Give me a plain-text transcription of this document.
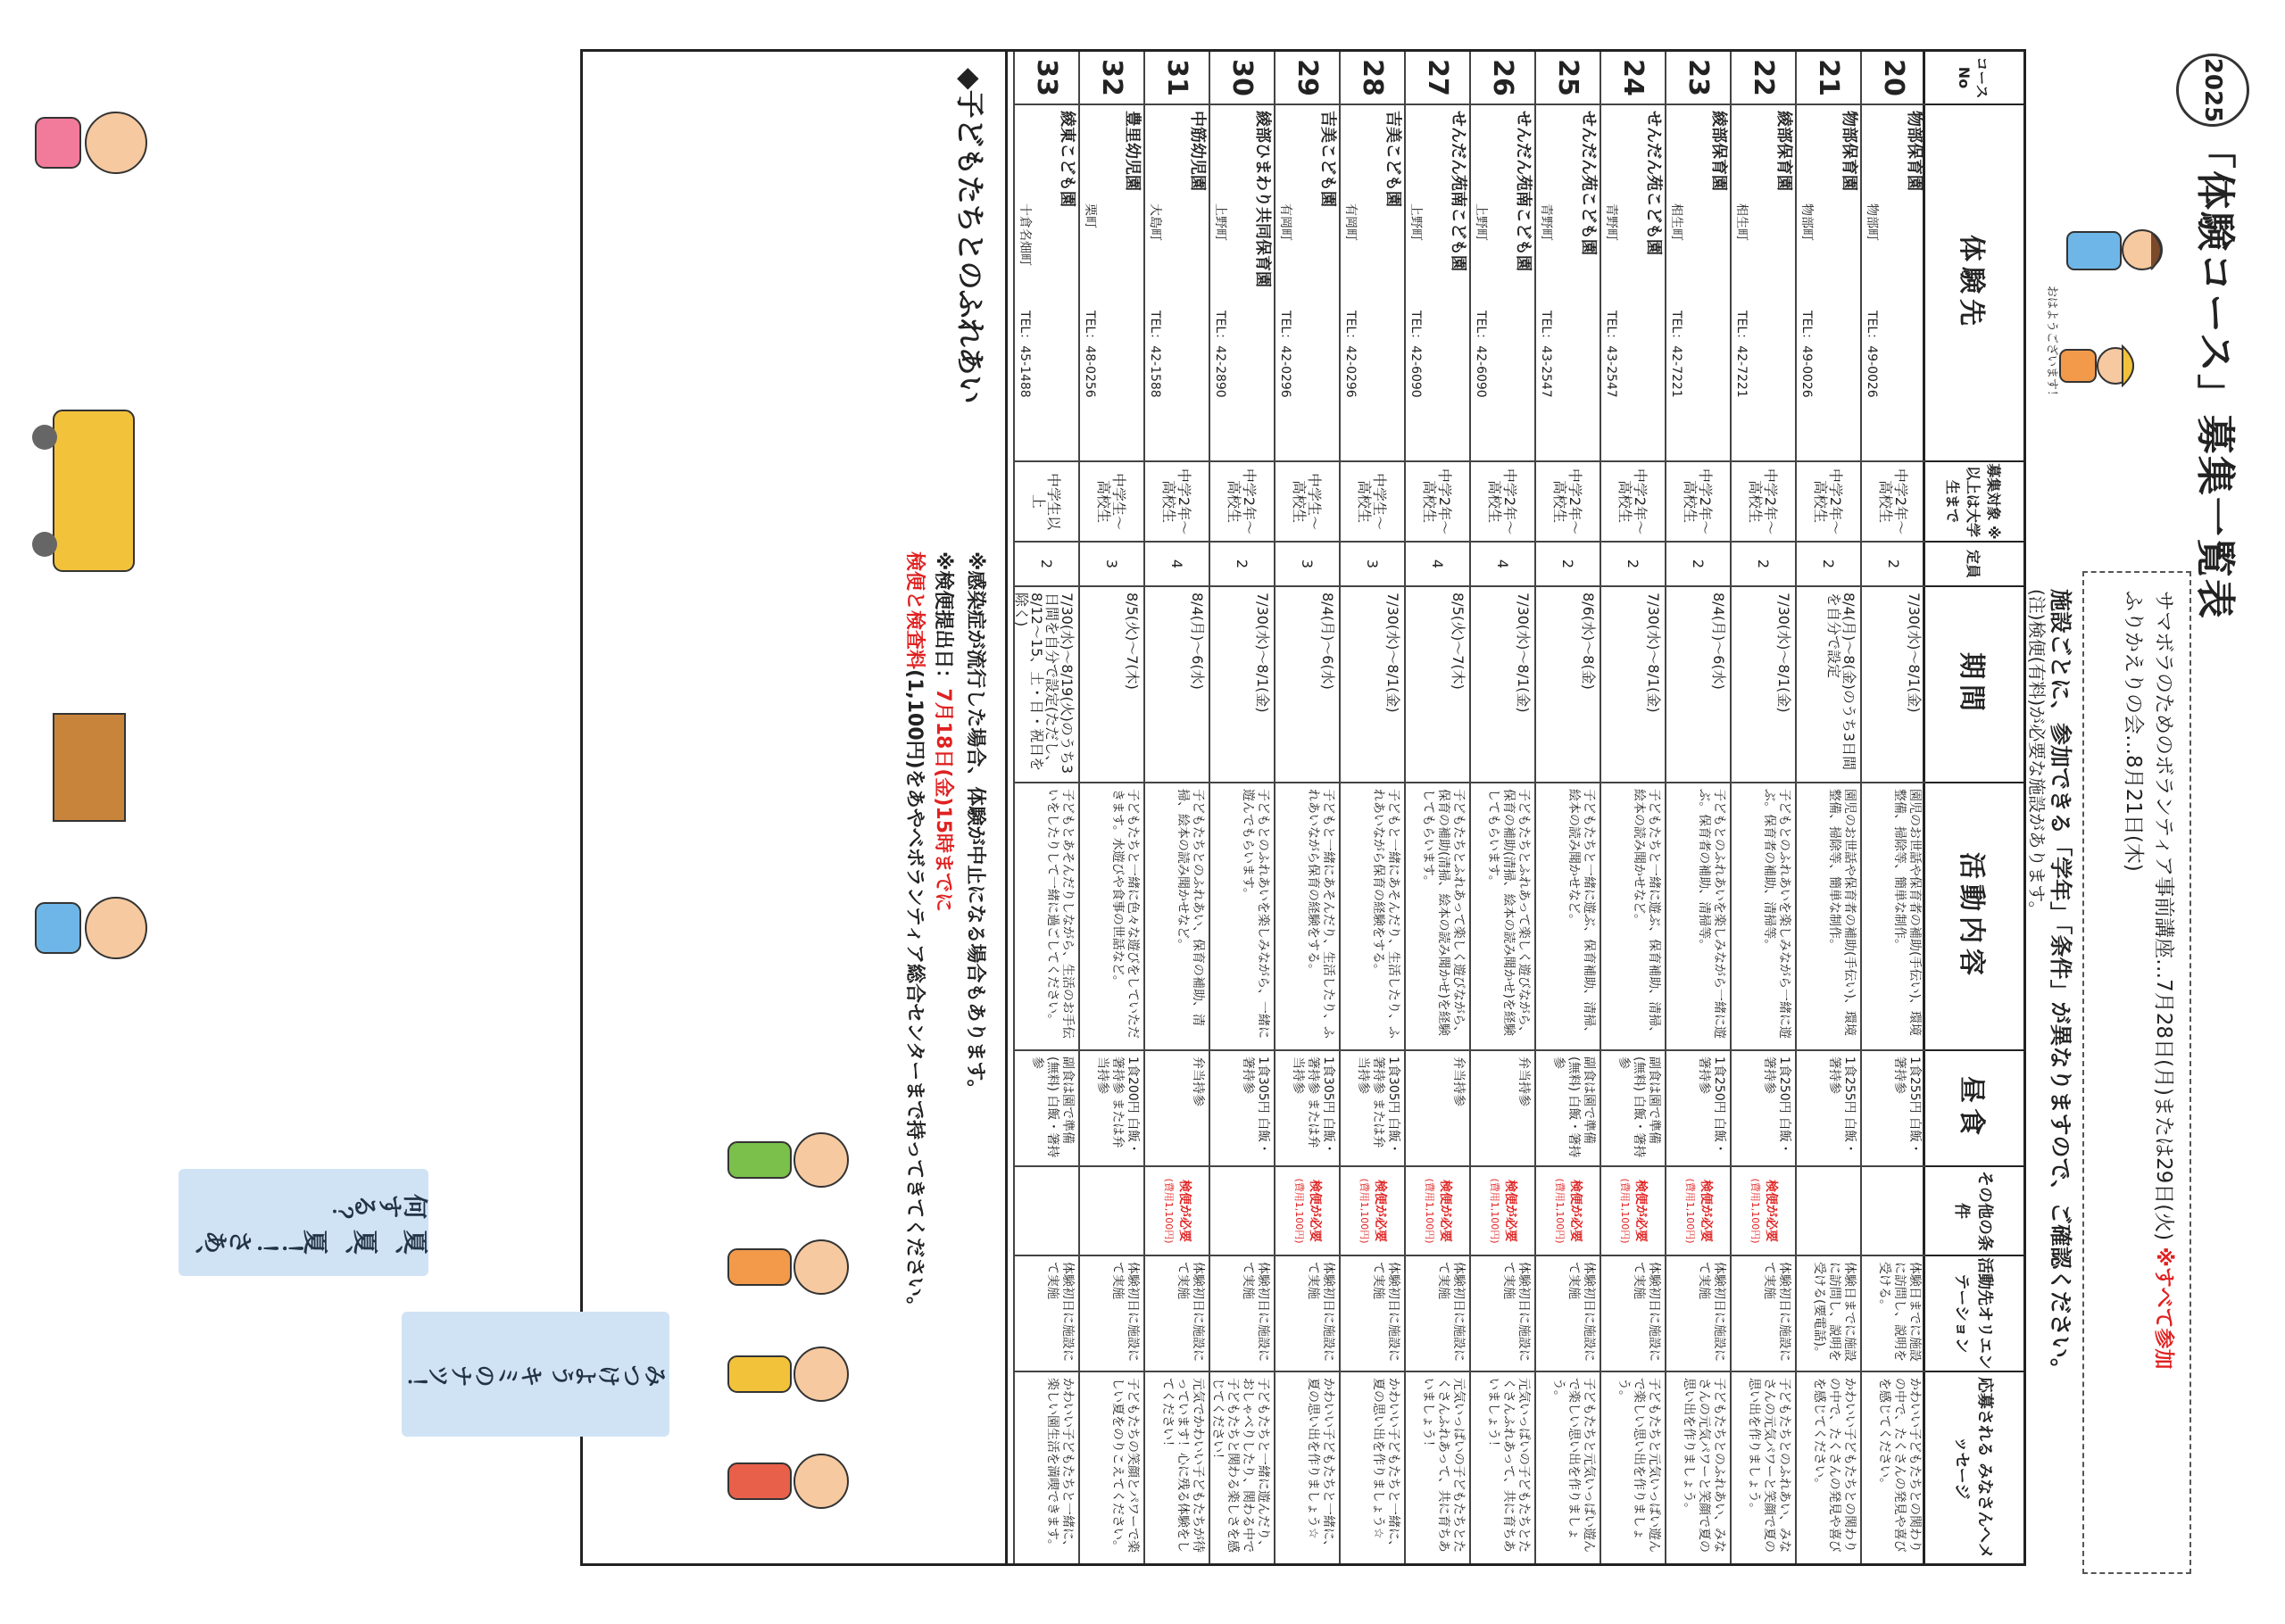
2025
「体験コース」募集一覧表
おはようございます！
サマボラのためのボランティア事前講座…7月28日(月)または29日(火) ※すべて参加
ふりかえりの会…8月21日(木)
施設ごとに、参加できる「学年」「条件」が異なりますので、ご確認ください。
(注)検便(有料)が必要な施設があります。
コース No
体験先
募集対象 ※以上は大学生まで
定員
期間
活動内容
昼食
その他の条件
活動先オリエンテーション
応募される みなさんへメッセージ
20
物部保育園
物部町
TEL：49-0026
中学2年～高校生
2
7/30(水)～8/1(金)
園児のお世話や保育者の補助(手伝い)、環境整備、掃除等、簡単な制作。
1食255円 白飯・箸持参
体験日までに施設に訪問し、説明を受ける。
かわいい子どもたちとの関わりの中で、たくさんの発見や喜びを感じてください。
21
物部保育園
物部町
TEL：49-0026
中学2年～高校生
2
8/4(月)～8(金)のうち3日間を自分で設定
園児のお世話や保育者の補助(手伝い)、環境整備、掃除等、簡単な制作。
1食255円 白飯・箸持参
体験日までに施設に訪問し、説明を受ける(要電話)。
かわいい子どもたちとの関わりの中で、たくさんの発見や喜びを感じてください。
22
綾部保育園
相生町
TEL：42-7221
中学2年～高校生
2
7/30(水)～8/1(金)
子どもとのふれあいを楽しみながら一緒に遊ぶ。保育者の補助、清掃等。
1食250円 白飯・箸持参
検便が必要
(費用1,100円)
体験初日に施設にて実施
子どもたちとのふれあい、みなさんの元気パワーと笑顔で夏の思い出を作りましょう。
23
綾部保育園
相生町
TEL：42-7221
中学2年～高校生
2
8/4(月)～6(水)
子どもとのふれあいを楽しみながら一緒に遊ぶ。保育者の補助、清掃等。
1食250円 白飯・箸持参
検便が必要
(費用1,100円)
体験初日に施設にて実施
子どもたちとのふれあい、みなさんの元気パワーと笑顔で夏の思い出を作りましょう。
24
せんだん苑こども園
青野町
TEL：43-2547
中学2年～高校生
2
7/30(水)～8/1(金)
子どもたちと一緒に遊ぶ、保育補助、清掃、絵本の読み聞かせなど。
副食は園で準備(無料) 白飯・箸持参
検便が必要
(費用1,100円)
体験初日に施設にて実施
子どもたちと元気いっぱい遊んで楽しい思い出を作りましょう。
25
せんだん苑こども園
青野町
TEL：43-2547
中学2年～高校生
2
8/6(水)～8(金)
子どもたちと一緒に遊ぶ、保育補助、清掃、絵本の読み聞かせなど。
副食は園で準備(無料) 白飯・箸持参
検便が必要
(費用1,100円)
体験初日に施設にて実施
子どもたちと元気いっぱい遊んで楽しい思い出を作りましょう。
26
せんだん苑南こども園
上野町
TEL：42-6090
中学2年～高校生
4
7/30(水)～8/1(金)
子どもたちとふれあって楽しく遊びながら、保育の補助(清掃、絵本の読み聞かせ)を経験してもらいます。
弁当持参
検便が必要
(費用1,100円)
体験初日に施設にて実施
元気いっぱいの子どもたちとたくさんふれあって、共に育ちあいましょう！
27
せんだん苑南こども園
上野町
TEL：42-6090
中学2年～高校生
4
8/5(火)～7(木)
子どもたちとふれあって楽しく遊びながら、保育の補助(清掃、絵本の読み聞かせ)を経験してもらいます。
弁当持参
検便が必要
(費用1,100円)
体験初日に施設にて実施
元気いっぱいの子どもたちとたくさんふれあって、共に育ちあいましょう！
28
吉美こども園
有岡町
TEL：42-0296
中学生～高校生
3
7/30(水)～8/1(金)
子どもと一緒にあそんだり、生活したり、ふれあいながら保育の経験をする。
1食305円 白飯・箸持参 または弁当持参
検便が必要
(費用1,100円)
体験初日に施設にて実施
かわいい子どもたちと一緒に、夏の思い出を作りましょう☆
29
吉美こども園
有岡町
TEL：42-0296
中学生～高校生
3
8/4(月)～6(水)
子どもと一緒にあそんだり、生活したり、ふれあいながら保育の経験をする。
1食305円 白飯・箸持参 または弁当持参
検便が必要
(費用1,100円)
体験初日に施設にて実施
かわいい子どもたちと一緒に、夏の思い出を作りましょう☆
30
綾部ひまわり共同保育園
上野町
TEL：42-2890
中学2年～高校生
2
7/30(水)～8/1(金)
子どもとのふれあいを楽しみながら、一緒に遊んでもらいます。
1食305円 白飯・箸持参
体験初日に施設にて実施
子どもたちと一緒に遊んだり、おしゃべりしたり、関わる中で子どもたちと関わる楽しさを感じてください！
31
中筋幼児園
大島町
TEL：42-1588
中学2年～高校生
4
8/4(月)～6(水)
子どもたちとのふれあい、保育の補助、清掃、絵本の読み聞かせなど。
弁当持参
検便が必要
(費用1,100円)
体験初日に施設にて実施
元気でかわいい子どもたちが待っています！心に残る体験をしてください！
32
豊里幼児園
栗町
TEL：48-0256
中学生～高校生
3
8/5(火)～7(木)
子どもたちと一緒に色々な遊びをしていただきます。水遊びや食事の世話など。
1食200円 白飯・箸持参 または弁当持参
体験初日に施設にて実施
子どもたちの笑顔とパワーで楽しい夏をのりこえてください。
33
綾東こども園
十倉名畑町
TEL：45-1488
中学生以上
2
7/30(水)～8/19(火)のうち3日間を自分で設定(ただし、8/12～15、土・日・祝日を除く)
子どもとあそんだりしながら、生活のお手伝いをしたりして一緒に過ごしてください。
副食は園で準備(無料) 白飯・箸持参
体験初日に施設にて実施
かわいい子どもたちと一緒に、楽しい園生活を満喫できます。
◆子どもたちとのふれあい
※感染症が流行した場合、体験が中止になる場合もあります。
※検便提出日：7月18日(金)15時までに
検便と検査料(1,100円)をあやべボランティア総合センターまで持ってきてください。
夏、夏、夏！！さあ、何する？
みつけよう キミのナツ！
